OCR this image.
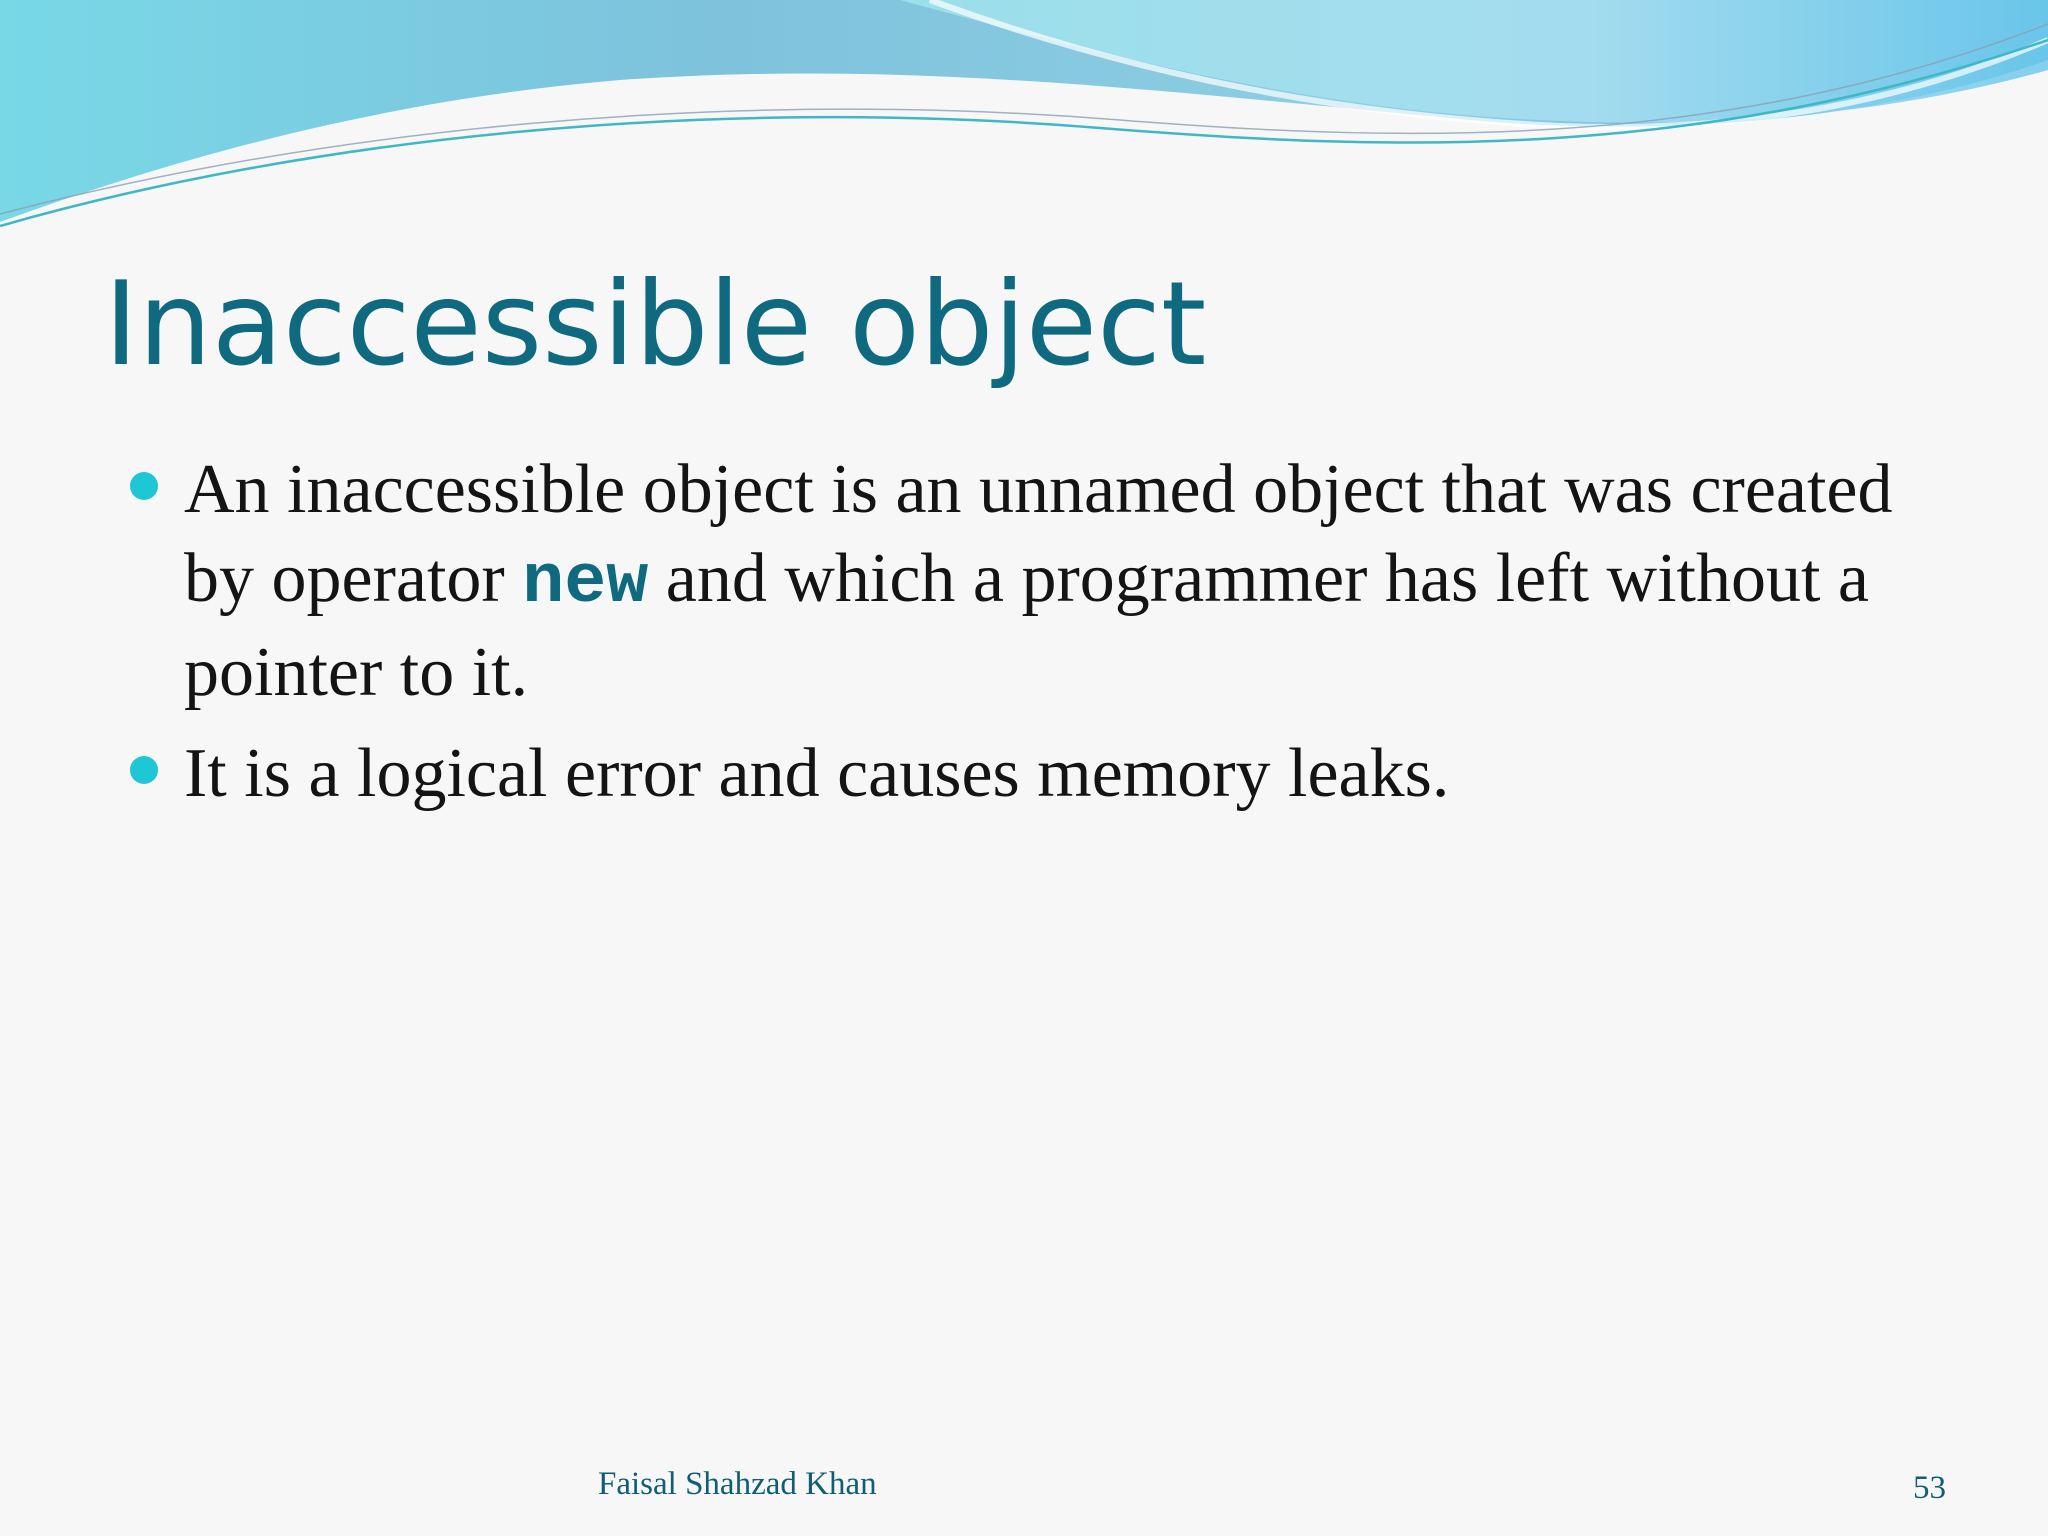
Inaccessible object
An inaccessible object is an unnamed object that was created by operator new and which a programmer has left without a pointer to it.
It is a logical error and causes memory leaks.
Faisal Shahzad Khan	53
